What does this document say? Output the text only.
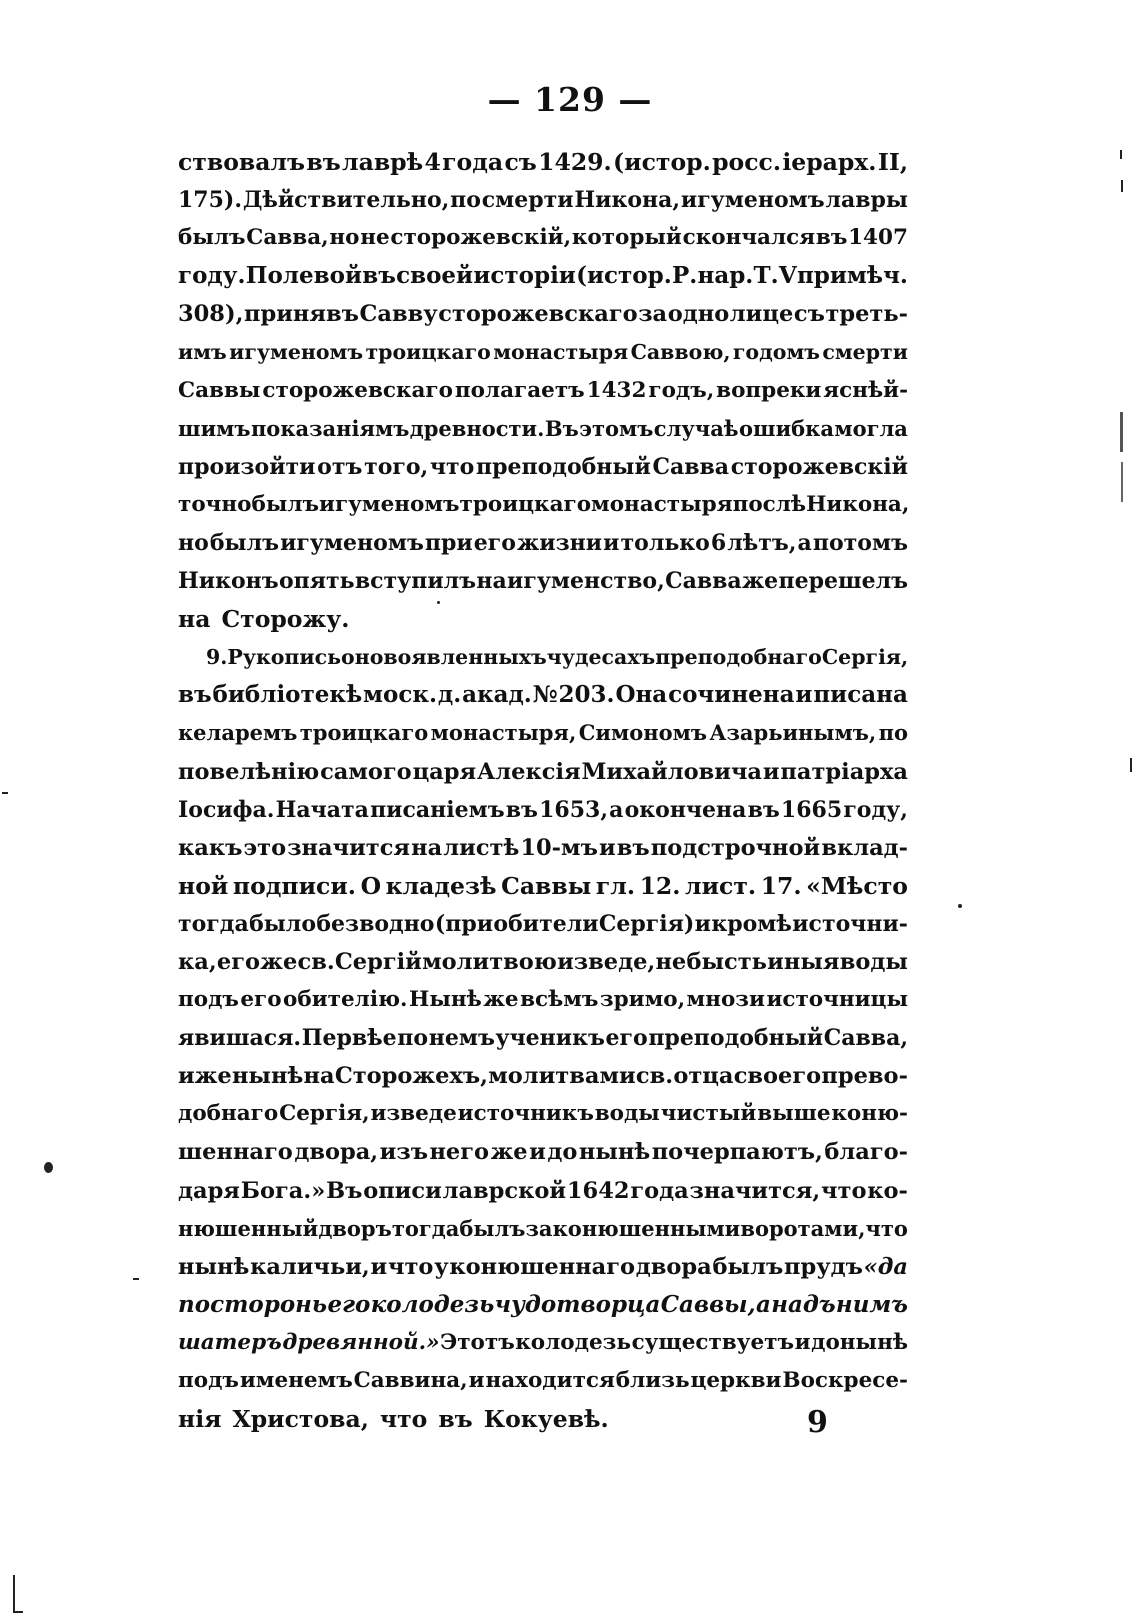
— 129 —
ствовалъ въ лаврѣ 4 года съ 1429. (истор. росс. іерарх. II,
175). Дѣйствительно, по смерти Никона, игуменомъ лавры
былъ Савва, но не сторожевскій, который скончался въ 1407
году. Полевой въ своей исторіи (истор. Р. нар. Т. V примѣч.
308), принявъ Савву сторожевскаго за одно лице съ треть-
имъ игуменомъ троицкаго монастыря Саввою, годомъ смерти
Саввы сторожевскаго полагаетъ 1432 годъ, вопреки яснѣй-
шимъ показаніямъ древности. Въ этомъ случаѣ ошибка могла
произойти отъ того, что преподобный Савва сторожевскій
точно былъ игуменомъ троицкаго монастыря послѣ Никона,
но былъ игуменомъ при его жизни и только 6 лѣтъ, а потомъ
Никонъ опять вступилъ на игуменство, Савва же перешелъ
на Сторожу.
9. Рукопись о новоявленныхъ чудесахъ преподобнаго Сергія,
въ библіотекѣ моск. д. акад. № 203. Она сочинена и писана
келаремъ троицкаго монастыря, Симономъ Азарьинымъ, по
повелѣнію самого царя Алексія Михайловича и патріарха
Іосифа. Начата писаніемъ въ 1653, а окончена въ 1665 году,
какъ это значится на листѣ 10-мъ и въ подстрочной вклад-
ной подписи. О кладезѣ Саввы гл. 12. лист. 17. «Мѣсто
тогда было безводно (при обители Сергія) и кромѣ источни-
ка, его же св. Сергій молитвою изведе, не бысть иныя воды
подъ его обителію. Нынѣ же всѣмъ зримо, мнози источницы
явишася. Первѣе по немъ ученикъ его преподобный Савва,
иже нынѣ на Сторожехъ, молитвами св. отца своего прево-
добнаго Сергія, изведе источникъ воды чистый выше коню-
шеннаго двора, изъ него же и до нынѣ почерпаютъ, благо-
даря Бога.» Въ описи лаврской 1642 года значится, что ко-
нюшенный дворъ тогда былъ за конюшенными воротами, что
нынѣ каличьи, и что у конюшеннаго двора былъ прудъ «да
посторонь его колодезь чудотворца Саввы, а надъ нимъ
шатеръ древянной.» Этотъ колодезь существуетъ и донынѣ
подъ именемъ Саввина, и находится близь церкви Воскресе-
нія Христова, что въ Кокуевѣ.	9
